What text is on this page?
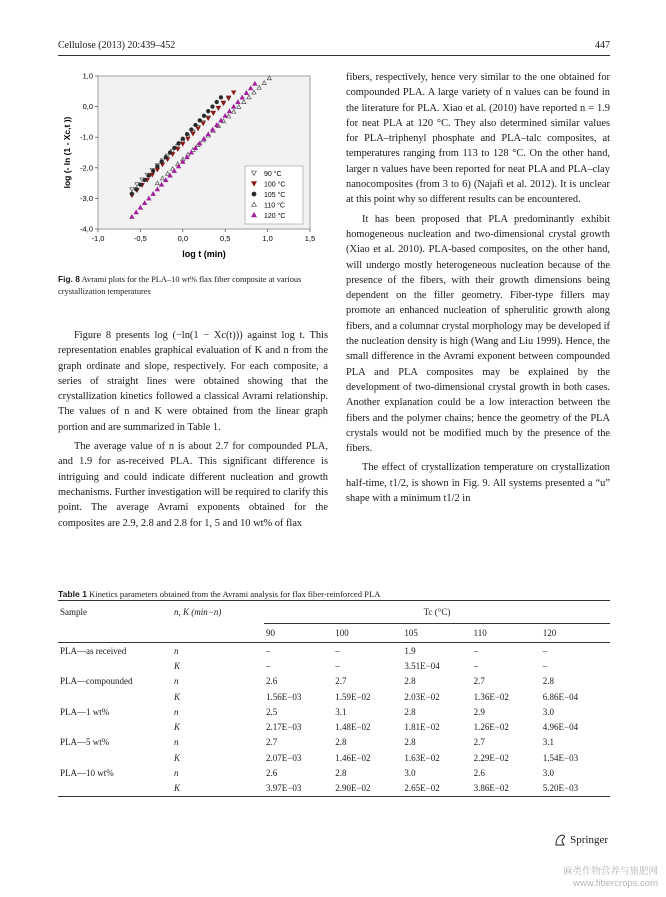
Cellulose (2013) 20:439–452	447
-1,0	-0,5	0,0	0,5	1,0	1,5
-4,0
-3,0
-2,0
-1,0
0,0
1,0
log t (min)
log (- ln (1 - Xc,t ))	90 °C
100 °C
105 °C
110 °C
120 °C
Fig. 8 Avrami plots for the PLA–10 wt% flax fiber composite at various crystallization temperatures

Figure 8 presents log (−ln(1 − Xc(t))) against log t. This representation enables graphical evaluation of K and n from the graph ordinate and slope, respectively. For each composite, a series of straight lines were obtained showing that the crystallization kinetics followed a classical Avrami relationship. The values of n and K were obtained from the linear graph portion and are summarized in Table 1.

The average value of n is about 2.7 for compounded PLA, and 1.9 for as-received PLA. This significant difference is intriguing and could indicate different nucleation and growth mechanisms. Further investigation will be required to clarify this point. The average Avrami exponents obtained for the composites are 2.9, 2.8 and 2.8 for 1, 5 and 10 wt% of flax

fibers, respectively, hence very similar to the one obtained for compounded PLA. A large variety of n values can be found in the literature for PLA. Xiao et al. (2010) have reported n = 1.9 for neat PLA at 120 °C. They also determined similar values for PLA–triphenyl phosphate and PLA–talc composites, at temperatures ranging from 113 to 128 °C. On the other hand, larger n values have been reported for neat PLA and PLA–clay nanocomposites (from 3 to 6) (Najafi et al. 2012). It is unclear at this point why so different results can be encountered.

It has been proposed that PLA predominantly exhibit homogeneous nucleation and two-dimensional crystal growth (Xiao et al. 2010). PLA-based composites, on the other hand, will undergo mostly heterogeneous nucleation because of the presence of the fibers, with their growth dimensions being dependent on the filler geometry. Fiber-type fillers may promote an enhanced nucleation of spherulitic growth along fibers, and a columnar crystal morphology may be developed if the nucleation density is high (Wang and Liu 1999). Hence, the small difference in the Avrami exponent between compounded PLA and PLA composites may be explained by the development of two-dimensional crystal growth in both cases. Another explanation could be a low interaction between the fibers and the polymer chains; hence the geometry of the PLA crystals would not be modified much by the presence of the fibers.

The effect of crystallization temperature on crystallization half-time, t1/2, is shown in Fig. 9. All systems presented a “u” shape with a minimum t1/2 in

Table 1 Kinetics parameters obtained from the Avrami analysis for flax fiber-reinforced PLA
Sample	n, K (min−n)	Tc (°C)				
		90	100	105	110	120
PLA—as received	n	–	–	1.9	–	–
	K	–	–	3.51E−04	–	–
PLA—compounded	n	2.6	2.7	2.8	2.7	2.8
	K	1.56E−03	1.59E−02	2.03E−02	1.36E−02	6.86E−04
PLA—1 wt%	n	2.5	3.1	2.8	2.9	3.0
	K	2.17E−03	1.48E−02	1.81E−02	1.26E−02	4.96E−04
PLA—5 wt%	n	2.7	2.8	2.8	2.7	3.1
	K	2.07E−03	1.46E−02	1.63E−02	2.29E−02	1.54E−03
PLA—10 wt%	n	2.6	2.8	3.0	2.6	3.0
	K	3.97E−03	2.90E−02	2.65E−02	3.86E−02	5.20E−03
Springer
麻类作物营养与施肥网
www.fibercrops.com
